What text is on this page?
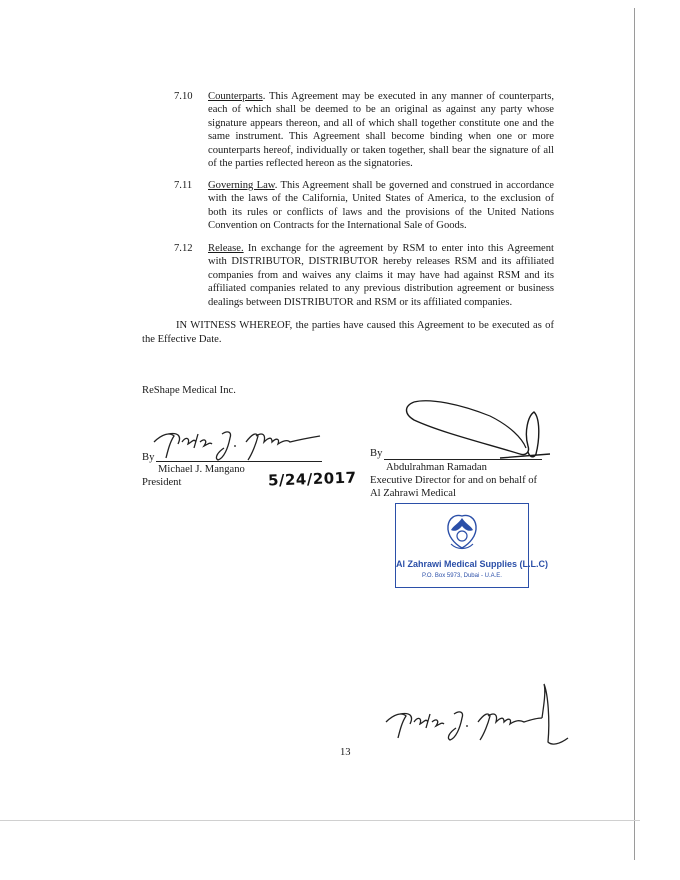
7.10	Counterparts. This Agreement may be executed in any manner of counterparts, each of which shall be deemed to be an original as against any party whose signature appears thereon, and all of which shall together constitute one and the same instrument. This Agreement shall become binding when one or more counterparts hereof, individually or taken together, shall bear the signature of all of the parties reflected hereon as the signatories.
7.11	Governing Law. This Agreement shall be governed and construed in accordance with the laws of the California, United States of America, to the exclusion of both its rules or conflicts of laws and the provisions of the United Nations Convention on Contracts for the International Sale of Goods.
7.12	Release. In exchange for the agreement by RSM to enter into this Agreement with DISTRIBUTOR, DISTRIBUTOR hereby releases RSM and its affiliated companies from and waives any claims it may have had against RSM and its affiliated companies related to any previous distribution agreement or business dealings between DISTRIBUTOR and RSM or its affiliated companies.
IN WITNESS WHEREOF, the parties have caused this Agreement to be executed as of the Effective Date.
ReShape Medical Inc.
By
Michael J. Mangano
President	5/24/2017
By
Abdulrahman Ramadan
Executive Director for and on behalf of
Al Zahrawi Medical
Al Zahrawi Medical Supplies (L.L.C)
P.O. Box 5973, Dubai - U.A.E.
13
